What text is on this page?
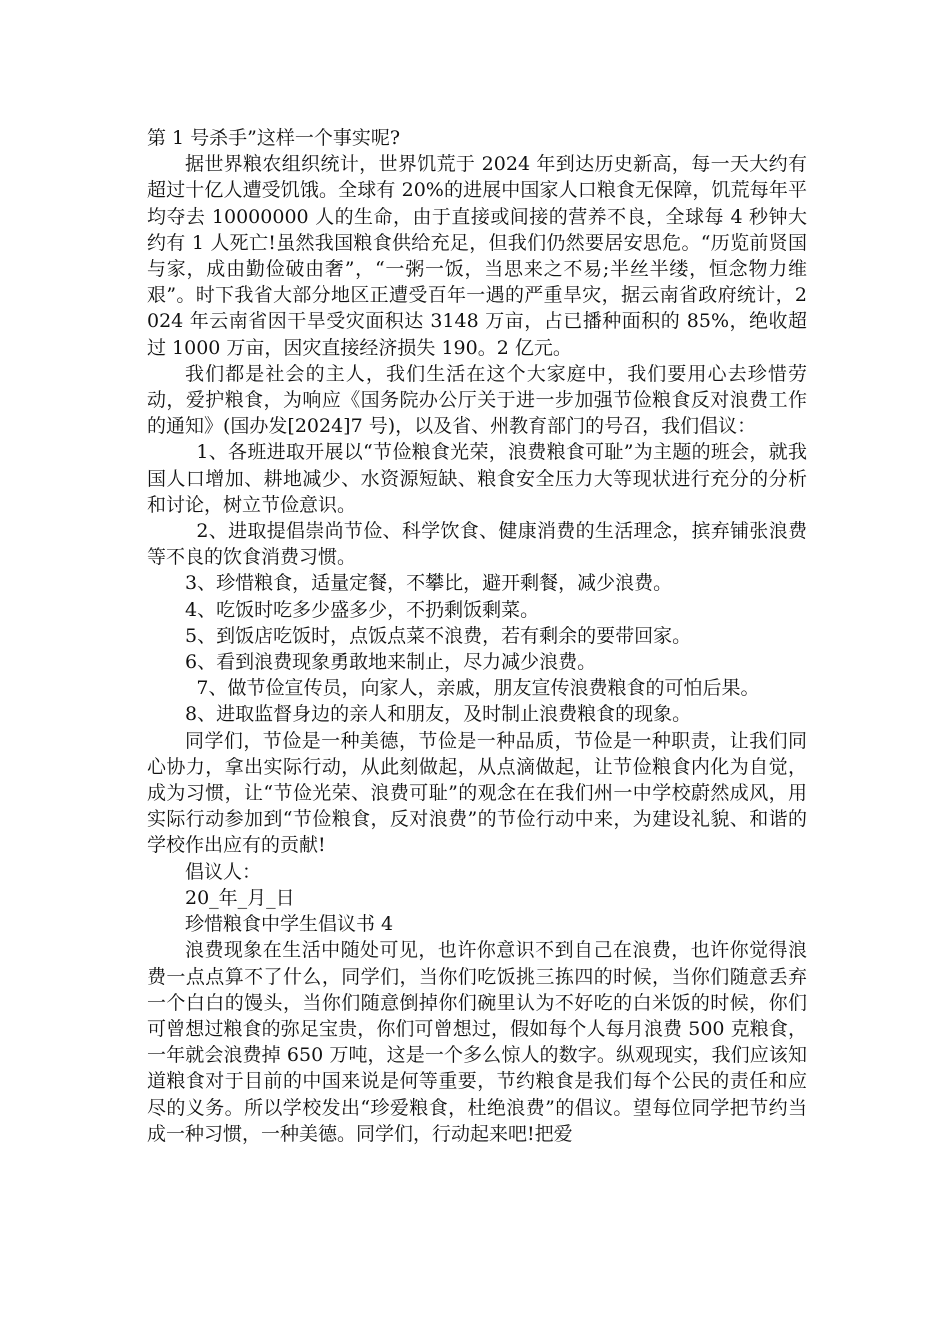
第 1 号杀手”这样一个事实呢?

据世界粮农组织统计，世界饥荒于 2024 年到达历史新高，每一天大约有超过十亿人遭受饥饿。全球有 20%的进展中国家人口粮食无保障，饥荒每年平均夺去 10000000 人的生命，由于直接或间接的营养不良，全球每 4 秒钟大约有 1 人死亡!虽然我国粮食供给充足，但我们仍然要居安思危。“历览前贤国与家，成由勤俭破由奢”，“一粥一饭，当思来之不易;半丝半缕，恒念物力维艰”。时下我省大部分地区正遭受百年一遇的严重旱灾，据云南省政府统计，2024 年云南省因干旱受灾面积达 3148 万亩，占已播种面积的 85%，绝收超过 1000 万亩，因灾直接经济损失 190。2 亿元。

我们都是社会的主人，我们生活在这个大家庭中，我们要用心去珍惜劳动，爱护粮食，为响应《国务院办公厅关于进一步加强节俭粮食反对浪费工作的通知》(国办发[2024]7 号)，以及省、州教育部门的号召，我们倡议：

1、各班进取开展以“节俭粮食光荣，浪费粮食可耻”为主题的班会，就我国人口增加、耕地减少、水资源短缺、粮食安全压力大等现状进行充分的分析和讨论，树立节俭意识。

2、进取提倡崇尚节俭、科学饮食、健康消费的生活理念，摈弃铺张浪费等不良的饮食消费习惯。

3、珍惜粮食，适量定餐，不攀比，避开剩餐，减少浪费。

4、吃饭时吃多少盛多少，不扔剩饭剩菜。

5、到饭店吃饭时，点饭点菜不浪费，若有剩余的要带回家。

6、看到浪费现象勇敢地来制止，尽力减少浪费。

7、做节俭宣传员，向家人，亲戚，朋友宣传浪费粮食的可怕后果。

8、进取监督身边的亲人和朋友，及时制止浪费粮食的现象。

同学们，节俭是一种美德，节俭是一种品质，节俭是一种职责，让我们同心协力，拿出实际行动，从此刻做起，从点滴做起，让节俭粮食内化为自觉，成为习惯，让“节俭光荣、浪费可耻”的观念在在我们州一中学校蔚然成风，用实际行动参加到“节俭粮食，反对浪费”的节俭行动中来，为建设礼貌、和谐的学校作出应有的贡献!

倡议人：

20_年_月_日

珍惜粮食中学生倡议书 4

浪费现象在生活中随处可见，也许你意识不到自己在浪费，也许你觉得浪费一点点算不了什么，同学们，当你们吃饭挑三拣四的时候，当你们随意丢弃一个白白的馒头，当你们随意倒掉你们碗里认为不好吃的白米饭的时候，你们可曾想过粮食的弥足宝贵，你们可曾想过，假如每个人每月浪费 500 克粮食，一年就会浪费掉 650 万吨，这是一个多么惊人的数字。纵观现实，我们应该知道粮食对于目前的中国来说是何等重要，节约粮食是我们每个公民的责任和应尽的义务。所以学校发出“珍爱粮食，杜绝浪费”的倡议。望每位同学把节约当成一种习惯，一种美德。同学们，行动起来吧!把爱
